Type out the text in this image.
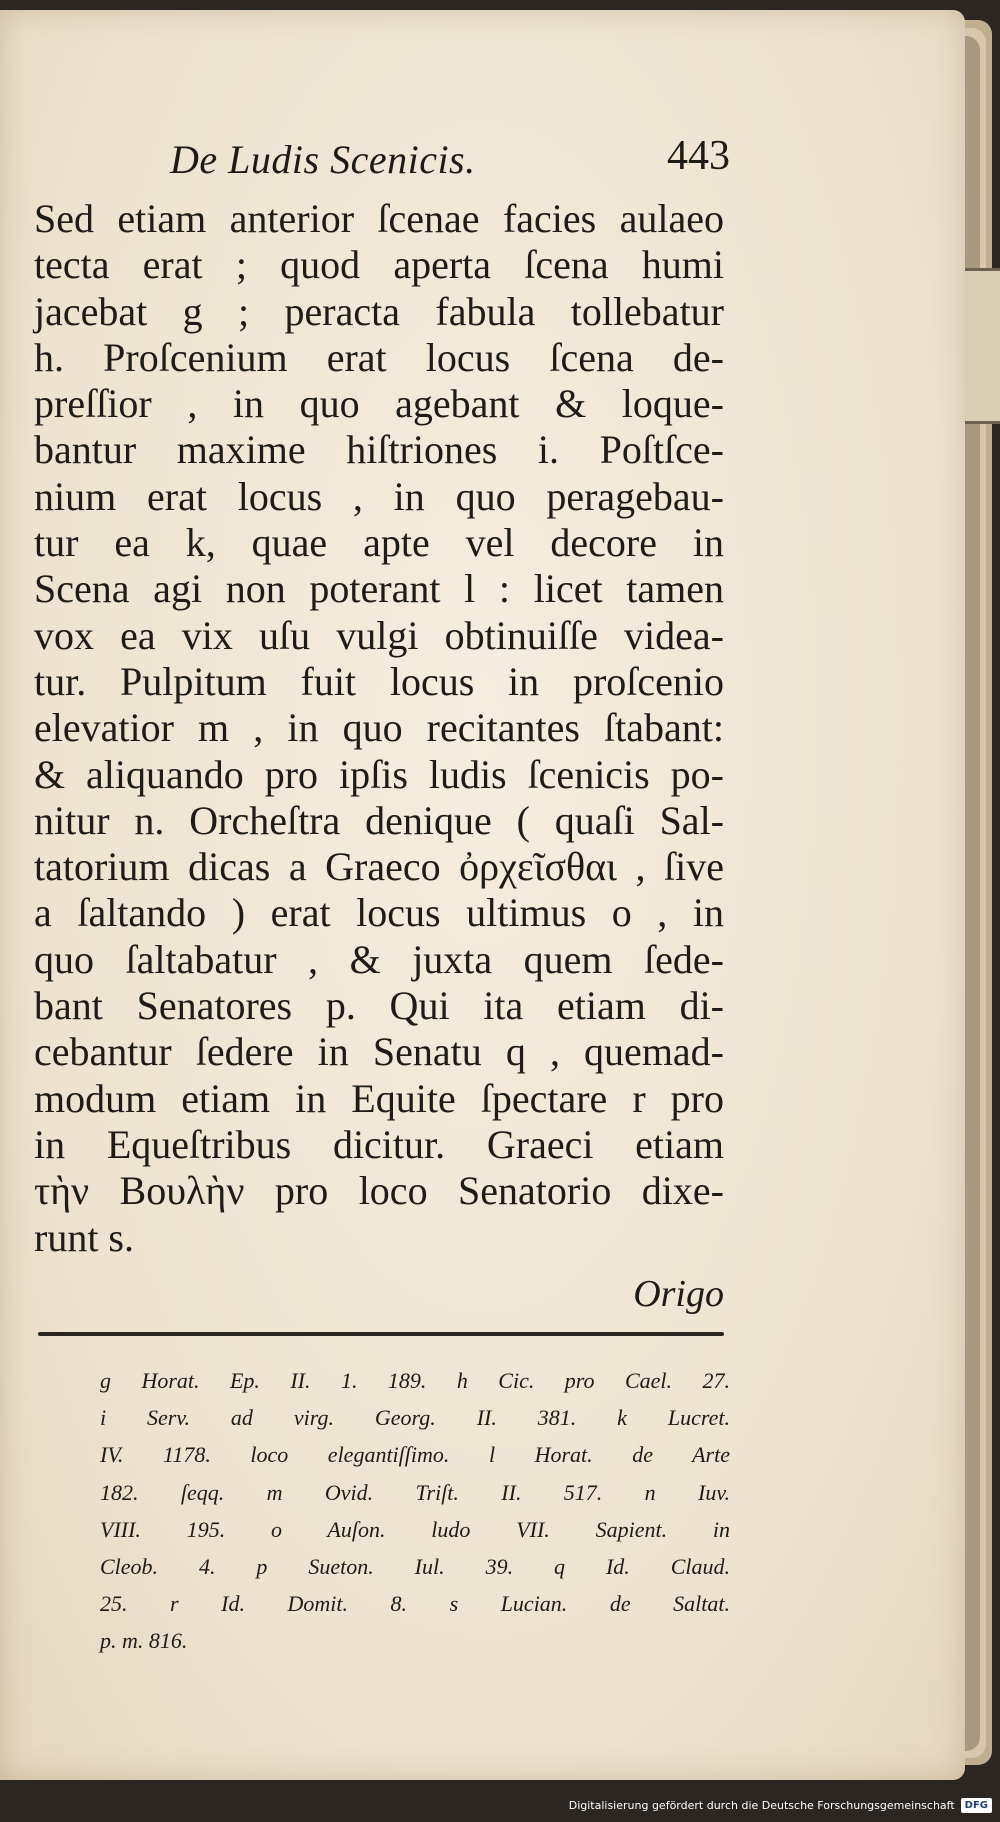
De Ludis Scenicis.	443
Sed etiam anterior ſcenae facies aulaeo
tecta erat ; quod aperta ſcena humi
jacebat g ; peracta fabula tollebatur
h. Proſcenium erat locus ſcena de-
preſſior , in quo agebant & loque-
bantur maxime hiſtriones i. Poſtſce-
nium erat locus , in quo peragebau-
tur ea k, quae apte vel decore in
Scena agi non poterant l : licet tamen
vox ea vix uſu vulgi obtinuiſſe videa-
tur. Pulpitum fuit locus in proſcenio
elevatior m , in quo recitantes ſtabant:
& aliquando pro ipſis ludis ſcenicis po-
nitur n. Orcheſtra denique ( quaſi Sal-
tatorium dicas a Graeco ὀρχεῖσθαι , ſive
a ſaltando ) erat locus ultimus o , in
quo ſaltabatur , & juxta quem ſede-
bant Senatores p. Qui ita etiam di-
cebantur ſedere in Senatu q , quemad-
modum etiam in Equite ſpectare r pro
in Equeſtribus dicitur. Graeci etiam
τὴν Βουλὴν pro loco Senatorio dixe-
runt s.
Origo
g Horat. Ep. II. 1. 189. h Cic. pro Cael. 27.
i Serv. ad virg. Georg. II. 381. k Lucret.
IV. 1178. loco elegantiſſimo. l Horat. de Arte
182. ſeqq. m Ovid. Triſt. II. 517. n Iuv.
VIII. 195. o Auſon. ludo VII. Sapient. in
Cleob. 4. p Sueton. Iul. 39. q Id. Claud.
25. r Id. Domit. 8. s Lucian. de Saltat.
p. m. 816.
Digitalisierung gefördert durch die Deutsche Forschungsgemeinschaft	DFG
